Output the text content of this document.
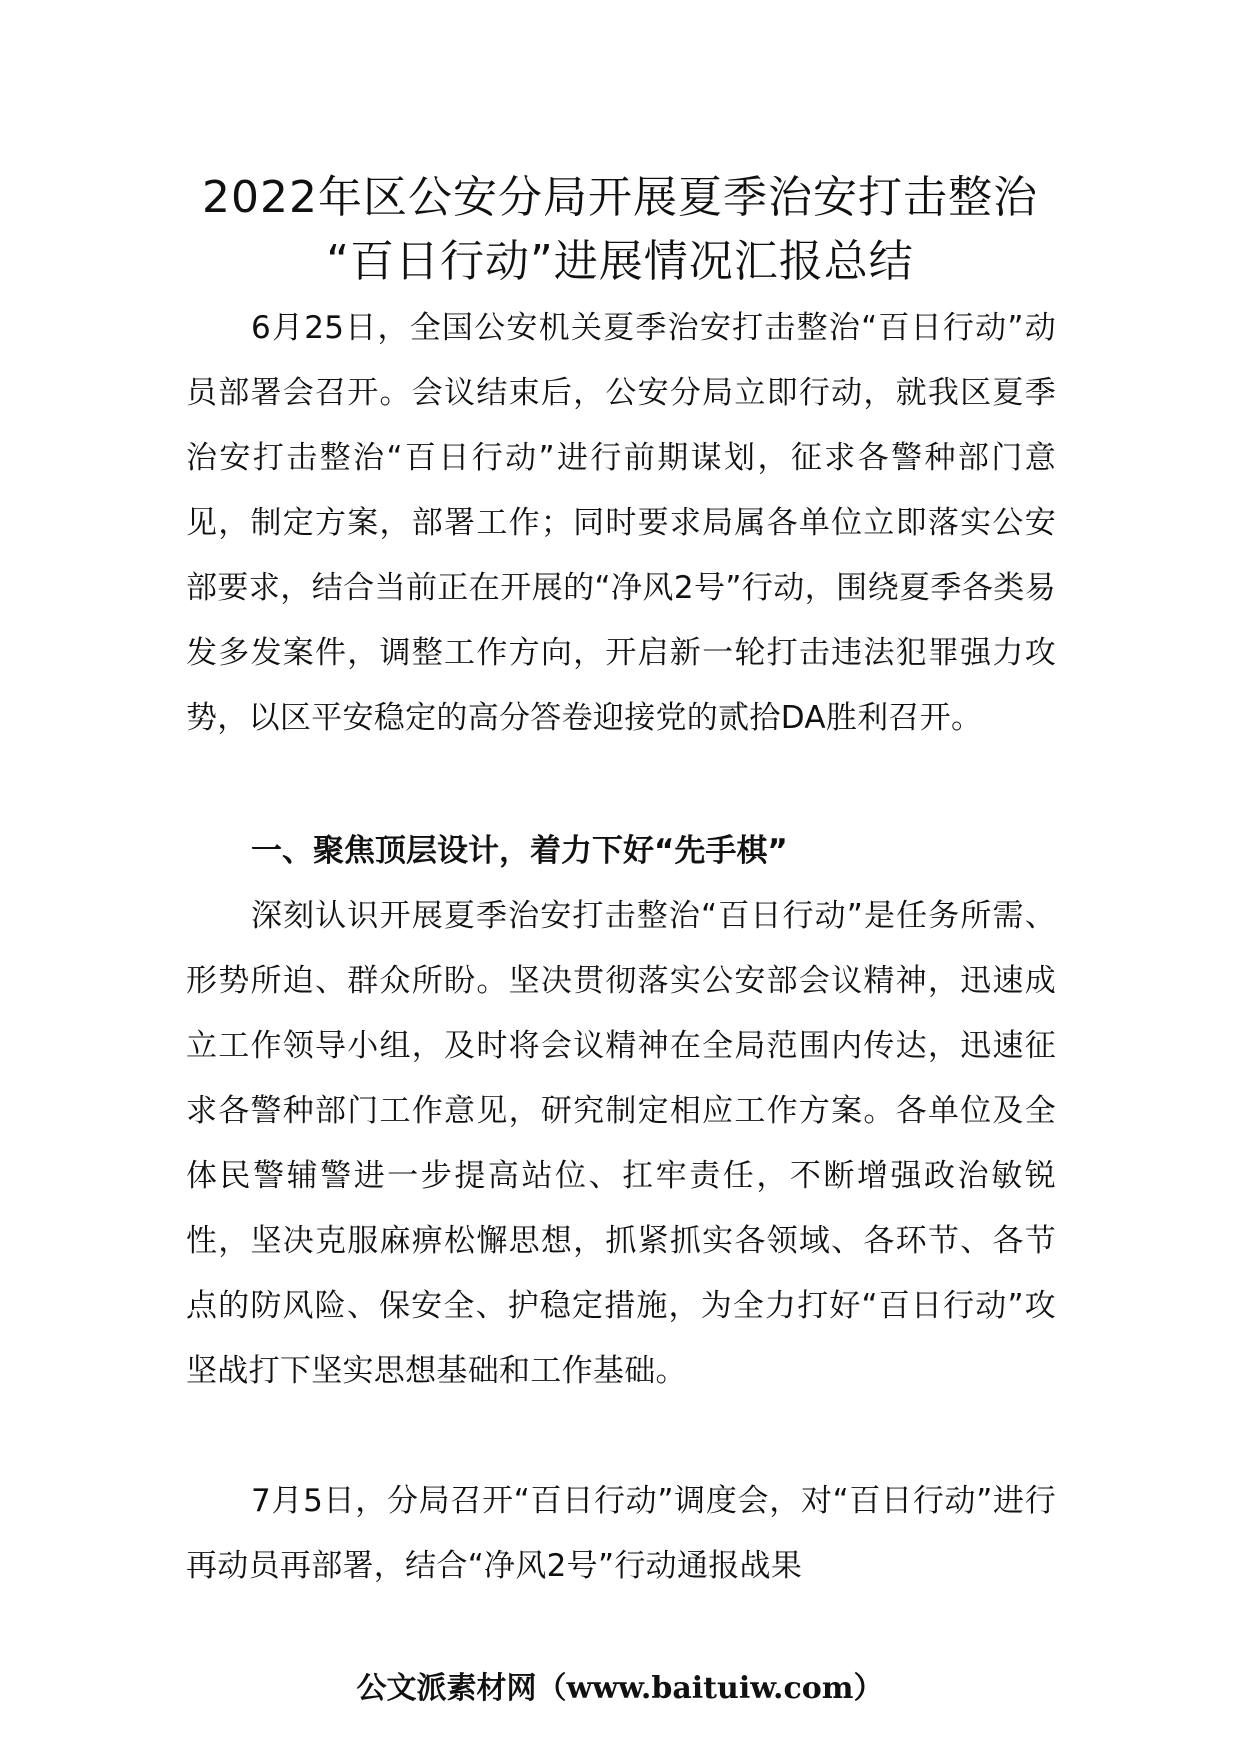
2022年区公安分局开展夏季治安打击整治
“百日行动”进展情况汇报总结

6月25日，全国公安机关夏季治安打击整治“百日行动”动员部署会召开。会议结束后，公安分局立即行动，就我区夏季治安打击整治“百日行动”进行前期谋划，征求各警种部门意见，制定方案，部署工作；同时要求局属各单位立即落实公安部要求，结合当前正在开展的“净风2号”行动，围绕夏季各类易发多发案件，调整工作方向，开启新一轮打击违法犯罪强力攻势，以区平安稳定的高分答卷迎接党的贰拾DA胜利召开。

一、聚焦顶层设计，着力下好“先手棋”

深刻认识开展夏季治安打击整治“百日行动”是任务所需、形势所迫、群众所盼。坚决贯彻落实公安部会议精神，迅速成立工作领导小组，及时将会议精神在全局范围内传达，迅速征求各警种部门工作意见，研究制定相应工作方案。各单位及全体民警辅警进一步提高站位、扛牢责任，不断增强政治敏锐性，坚决克服麻痹松懈思想，抓紧抓实各领域、各环节、各节点的防风险、保安全、护稳定措施，为全力打好“百日行动”攻坚战打下坚实思想基础和工作基础。

7月5日，分局召开“百日行动”调度会，对“百日行动”进行再动员再部署，结合“净风2号”行动通报战果

公文派素材网（www.baituiw.com）
